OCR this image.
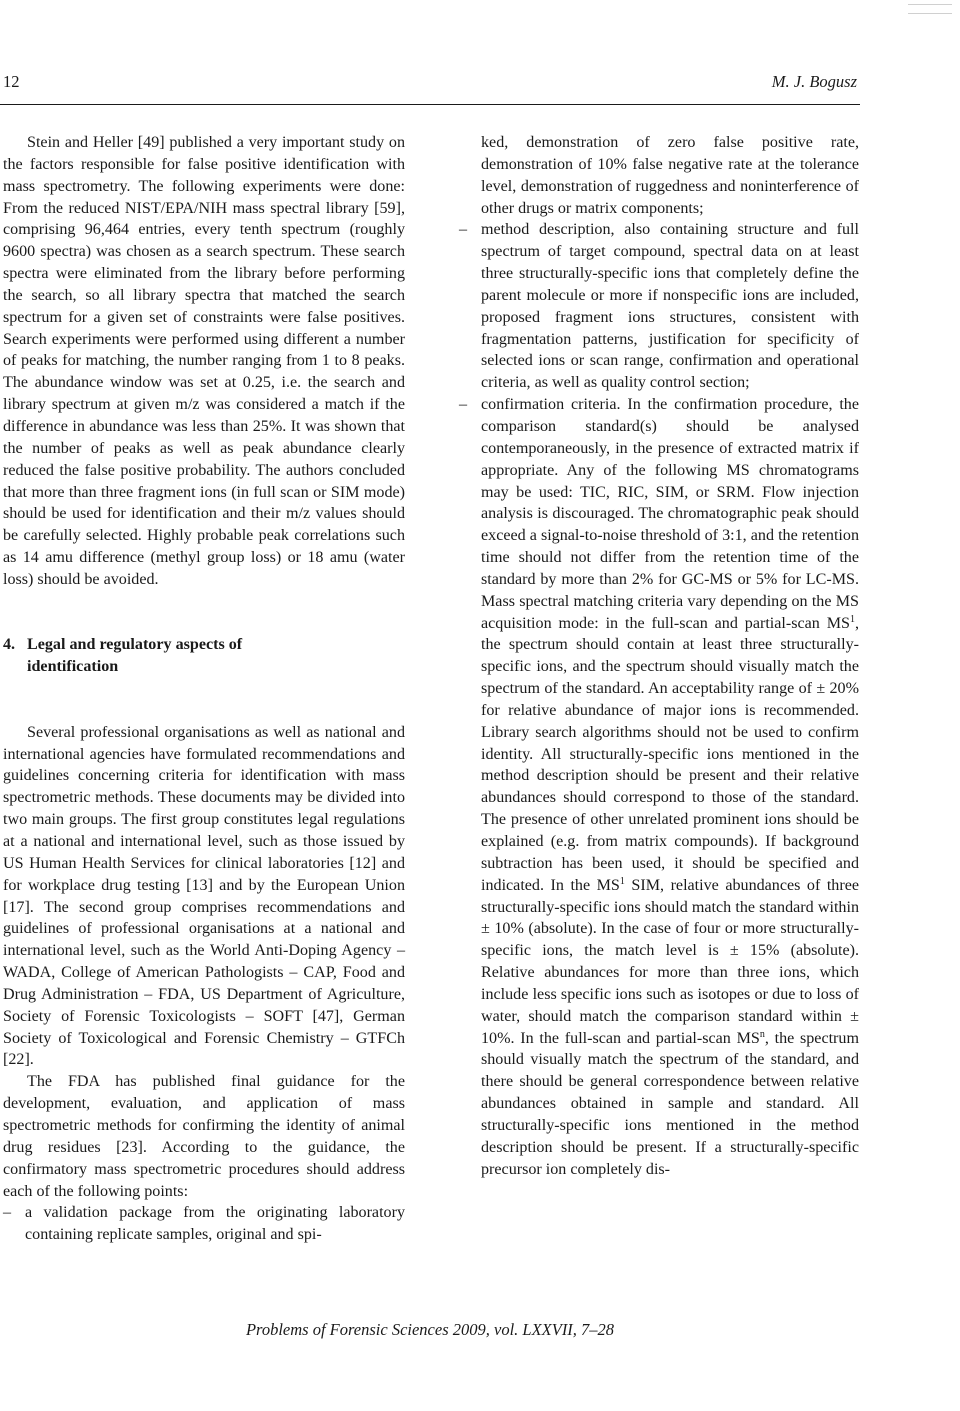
12	M. J. Bogusz

Stein and Heller [49] published a very important study on the factors responsible for false positive identification with mass spectrometry. The following experiments were done: From the reduced NIST/EPA/NIH mass spectral library [59], comprising 96,464 entries, every tenth spectrum (roughly 9600 spectra) was chosen as a search spectrum. These search spectra were eliminated from the library before performing the search, so all library spectra that matched the search spectrum for a given set of constraints were false positives. Search experiments were performed using different a number of peaks for matching, the number ranging from 1 to 8 peaks. The abundance window was set at 0.25, i.e. the search and library spectrum at given m/z was considered a match if the difference in abundance was less than 25%. It was shown that the number of peaks as well as peak abundance clearly reduced the false positive probability. The authors concluded that more than three fragment ions (in full scan or SIM mode) should be used for identification and their m/z values should be carefully selected. Highly probable peak correlations such as 14 amu difference (methyl group loss) or 18 amu (water loss) should be avoided.

4. Legal and regulatory aspects of
identification

Several professional organisations as well as national and international agencies have formulated recommendations and guidelines concerning criteria for identification with mass spectrometric methods. These documents may be divided into two main groups. The first group constitutes legal regulations at a national and international level, such as those issued by US Human Health Services for clinical laboratories [12] and for workplace drug testing [13] and by the European Union [17]. The second group comprises recommendations and guidelines of professional organisations at a national and international level, such as the World Anti-Doping Agency – WADA, College of American Pathologists – CAP, Food and Drug Administration – FDA, US Department of Agriculture, Society of Forensic Toxicologists – SOFT [47], German Society of Toxicological and Forensic Chemistry – GTFCh [22].

The FDA has published final guidance for the development, evaluation, and application of mass spectrometric methods for confirming the identity of animal drug residues [23]. According to the guidance, the confirmatory mass spectrometric procedures should address each of the following points:

– a validation package from the originating laboratory containing replicate samples, original and spi-

ked, demonstration of zero false positive rate, demonstration of 10% false negative rate at the tolerance level, demonstration of ruggedness and noninterference of other drugs or matrix components;

– method description, also containing structure and full spectrum of target compound, spectral data on at least three structurally-specific ions that completely define the parent molecule or more if nonspecific ions are included, proposed fragment ions structures, consistent with fragmentation patterns, justification for specificity of selected ions or scan range, confirmation and operational criteria, as well as quality control section;

– confirmation criteria. In the confirmation procedure, the comparison standard(s) should be analysed contemporaneously, in the presence of extracted matrix if appropriate. Any of the following MS chromatograms may be used: TIC, RIC, SIM, or SRM. Flow injection analysis is discouraged. The chromatographic peak should exceed a signal-to-noise threshold of 3:1, and the retention time should not differ from the retention time of the standard by more than 2% for GC-MS or 5% for LC-MS. Mass spectral matching criteria vary depending on the MS acquisition mode: in the full-scan and partial-scan $MS^1$, the spectrum should contain at least three structurally-specific ions, and the spectrum should visually match the spectrum of the standard. An acceptability range of ± 20% for relative abundance of major ions is recommended. Library search algorithms should not be used to confirm identity. All structurally-specific ions mentioned in the method description should be present and their relative abundances should correspond to those of the standard. The presence of other unrelated prominent ions should be explained (e.g. from matrix compounds). If background subtraction has been used, it should be specified and indicated. In the $MS^1$ SIM, relative abundances of three structurally-specific ions should match the standard within ± 10% (absolute). In the case of four or more structurally-specific ions, the match level is ± 15% (absolute). Relative abundances for more than three ions, which include less specific ions such as isotopes or due to loss of water, should match the comparison standard within ± 10%. In the full-scan and partial-scan $MS^n$, the spectrum should visually match the spectrum of the standard, and there should be general correspondence between relative abundances obtained in sample and standard. All structurally-specific ions mentioned in the method description should be present. If a structurally-specific precursor ion completely dis-

Problems of Forensic Sciences 2009, vol. LXXVII, 7–28
